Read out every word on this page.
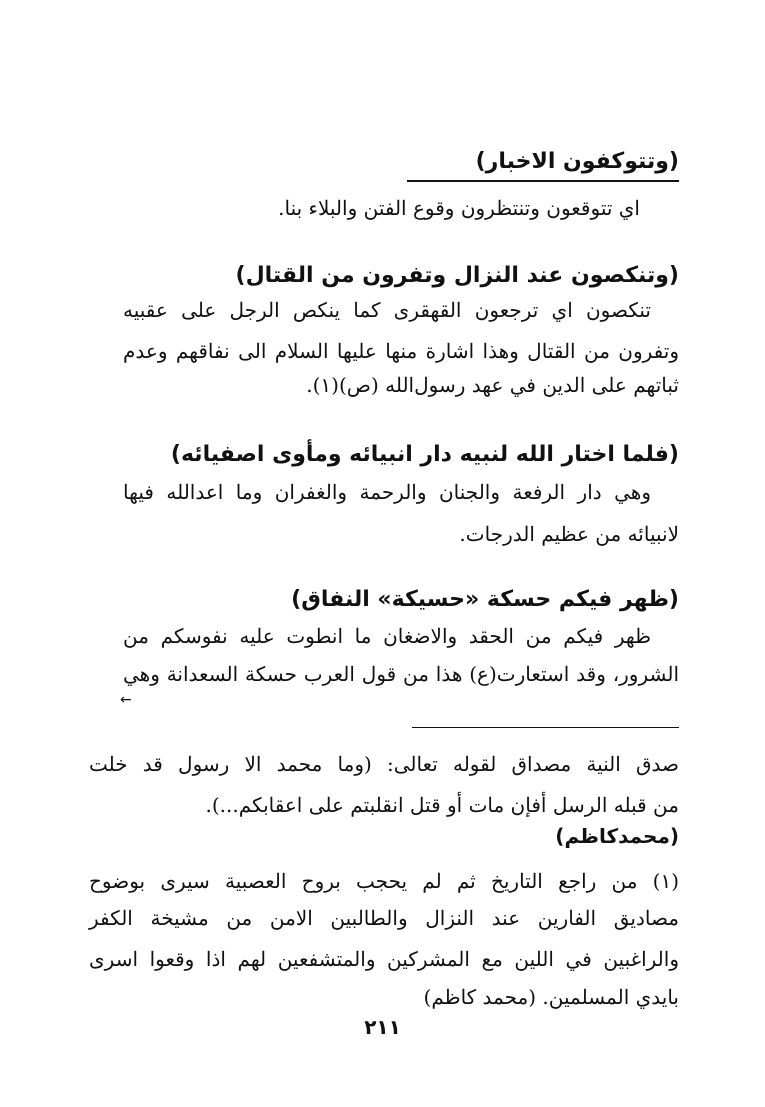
(وتتوكفون الاخبار)
اي تتوقعون وتنتظرون وقوع الفتن والبلاء بنا.
(وتنكصون عند النزال وتفرون من القتال)
تنكصون اي ترجعون القهقرى كما ينكص الرجل على عقبيه
وتفرون من القتال وهذا اشارة منها عليها السلام الى نفاقهم وعدم
ثباتهم على الدين في عهد رسول‌الله (ص)(١).
(فلما اختار الله لنبيه دار انبيائه ومأوى اصفيائه)
وهي دار الرفعة والجنان والرحمة والغفران وما اعدالله فيها
لانبيائه من عظيم الدرجات.
(ظهر فيكم حسكة «حسيكة» النفاق)
ظهر فيكم من الحقد والاضغان ما انطوت عليه نفوسكم من
الشرور، وقد استعارت(ع) هذا من قول العرب حسكة السعدانة وهي
←
صدق النية مصداق لقوله تعالى: (وما محمد الا رسول قد خلت
من قبله الرسل أفإن مات أو قتل انقلبتم على اعقابكم...).
(محمدكاظم)
(١) من راجع التاريخ ثم لم يحجب بروح العصبية سيرى بوضوح
مصاديق الفارين عند النزال والطالبين الامن من مشيخة الكفر
والراغبين في اللين مع المشركين والمتشفعين لهم اذا وقعوا اسرى
بايدي المسلمين. (محمد كاظم)
٢١١
